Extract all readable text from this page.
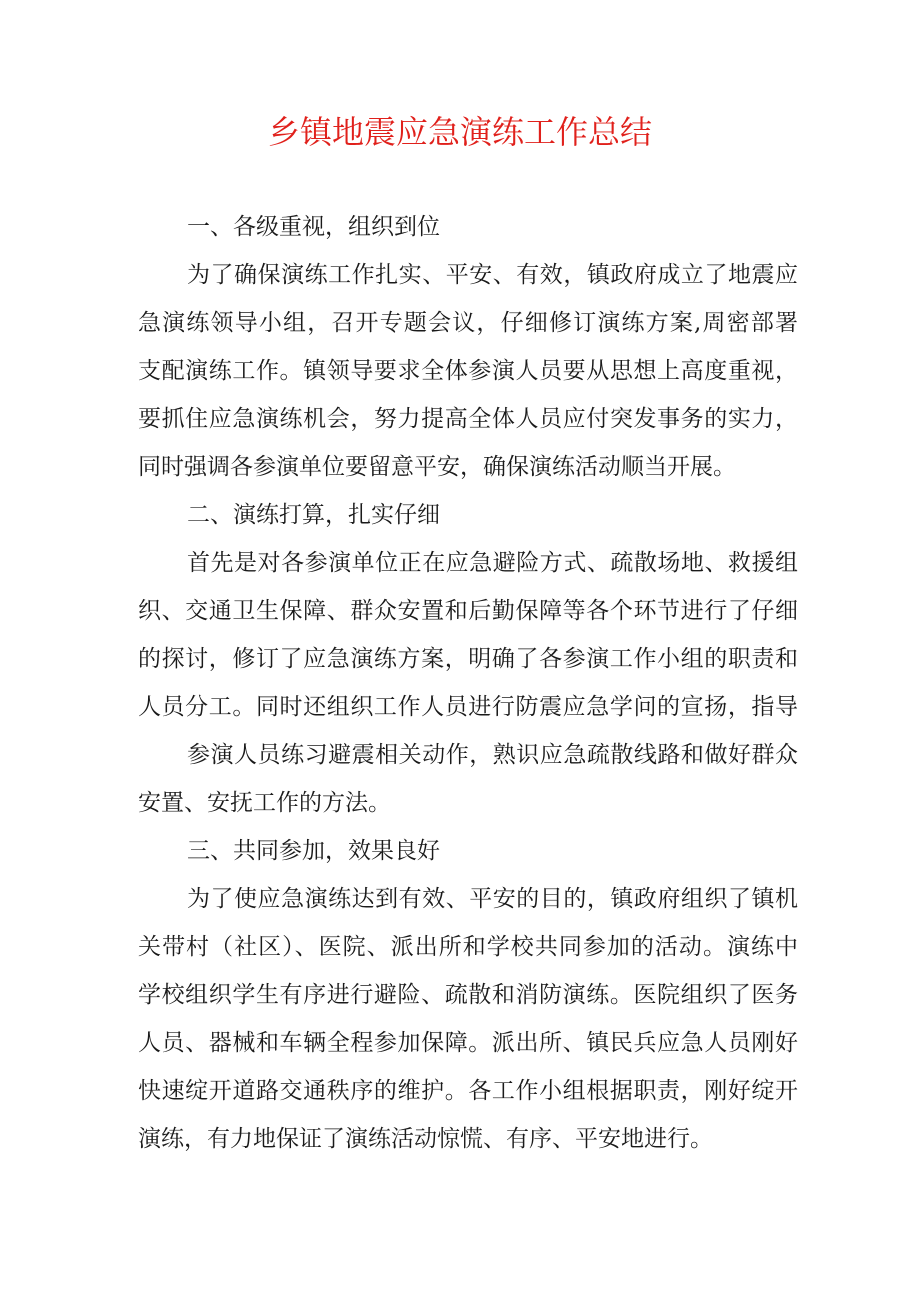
乡镇地震应急演练工作总结
一、各级重视，组织到位
为了确保演练工作扎实、平安、有效，镇政府成立了地震应
急演练领导小组，召开专题会议，仔细修订演练方案,周密部署
支配演练工作。镇领导要求全体参演人员要从思想上高度重视，
要抓住应急演练机会，努力提高全体人员应付突发事务的实力，
同时强调各参演单位要留意平安，确保演练活动顺当开展。
二、演练打算，扎实仔细
首先是对各参演单位正在应急避险方式、疏散场地、救援组
织、交通卫生保障、群众安置和后勤保障等各个环节进行了仔细
的探讨，修订了应急演练方案，明确了各参演工作小组的职责和
人员分工。同时还组织工作人员进行防震应急学问的宣扬，指导
参演人员练习避震相关动作，熟识应急疏散线路和做好群众
安置、安抚工作的方法。
三、共同参加，效果良好
为了使应急演练达到有效、平安的目的，镇政府组织了镇机
关带村（社区）、医院、派出所和学校共同参加的活动。演练中
学校组织学生有序进行避险、疏散和消防演练。医院组织了医务
人员、器械和车辆全程参加保障。派出所、镇民兵应急人员刚好
快速绽开道路交通秩序的维护。各工作小组根据职责，刚好绽开
演练，有力地保证了演练活动惊慌、有序、平安地进行。
